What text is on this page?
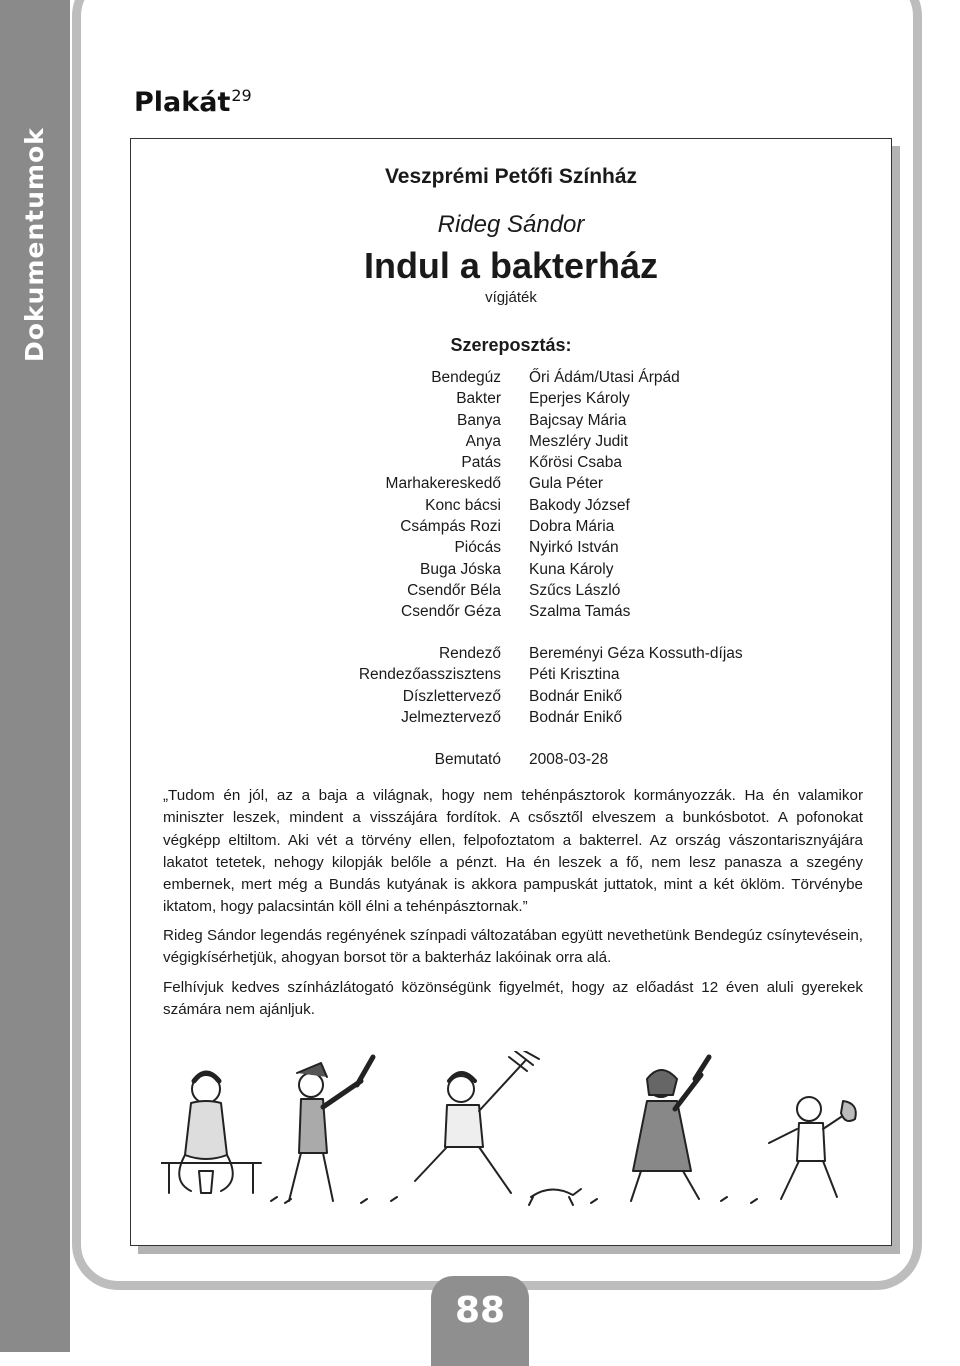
Dokumentumok
Plakát$^{29}$
Veszprémi Petőfi Színház
Rideg Sándor
Indul a bakterház
vígjáték
Szereposztás:
Bendegúz
Bakter
Banya
Anya
Patás
Marhakereskedő
Konc bácsi
Csámpás Rozi
Piócás
Buga Jóska
Csendőr Béla
Csendőr Géza
Őri Ádám/Utasi Árpád
Eperjes Károly
Bajcsay Mária
Meszléry Judit
Kőrösi Csaba
Gula Péter
Bakody József
Dobra Mária
Nyirkó István
Kuna Károly
Szűcs László
Szalma Tamás
Rendező
Rendezőasszisztens
Díszlettervező
Jelmeztervező
Bereményi Géza Kossuth-díjas
Péti Krisztina
Bodnár Enikő
Bodnár Enikő
Bemutató 2008-03-28

„Tudom én jól, az a baja a világnak, hogy nem tehénpásztorok kormányozzák. Ha én valamikor miniszter leszek, mindent a visszájára fordítok. A csősztől elveszem a bunkósbotot. A pofonokat végképp eltiltom. Aki vét a törvény ellen, felpofoztatom a bakterrel. Az ország vászontarisznyájára lakatot tetetek, nehogy kilopják belőle a pénzt. Ha én leszek a fő, nem lesz panasza a szegény embernek, mert még a Bundás kutyának is akkora pampuskát juttatok, mint a két öklöm. Törvénybe iktatom, hogy palacsintán köll élni a tehénpásztornak.”

Rideg Sándor legendás regényének színpadi változatában együtt nevethetünk Bendegúz csínytevésein, végigkísérhetjük, ahogyan borsot tör a bakterház lakóinak orra alá.

Felhívjuk kedves színházlátogató közönségünk figyelmét, hogy az előadást 12 éven aluli gyerekek számára nem ajánljuk.

88
